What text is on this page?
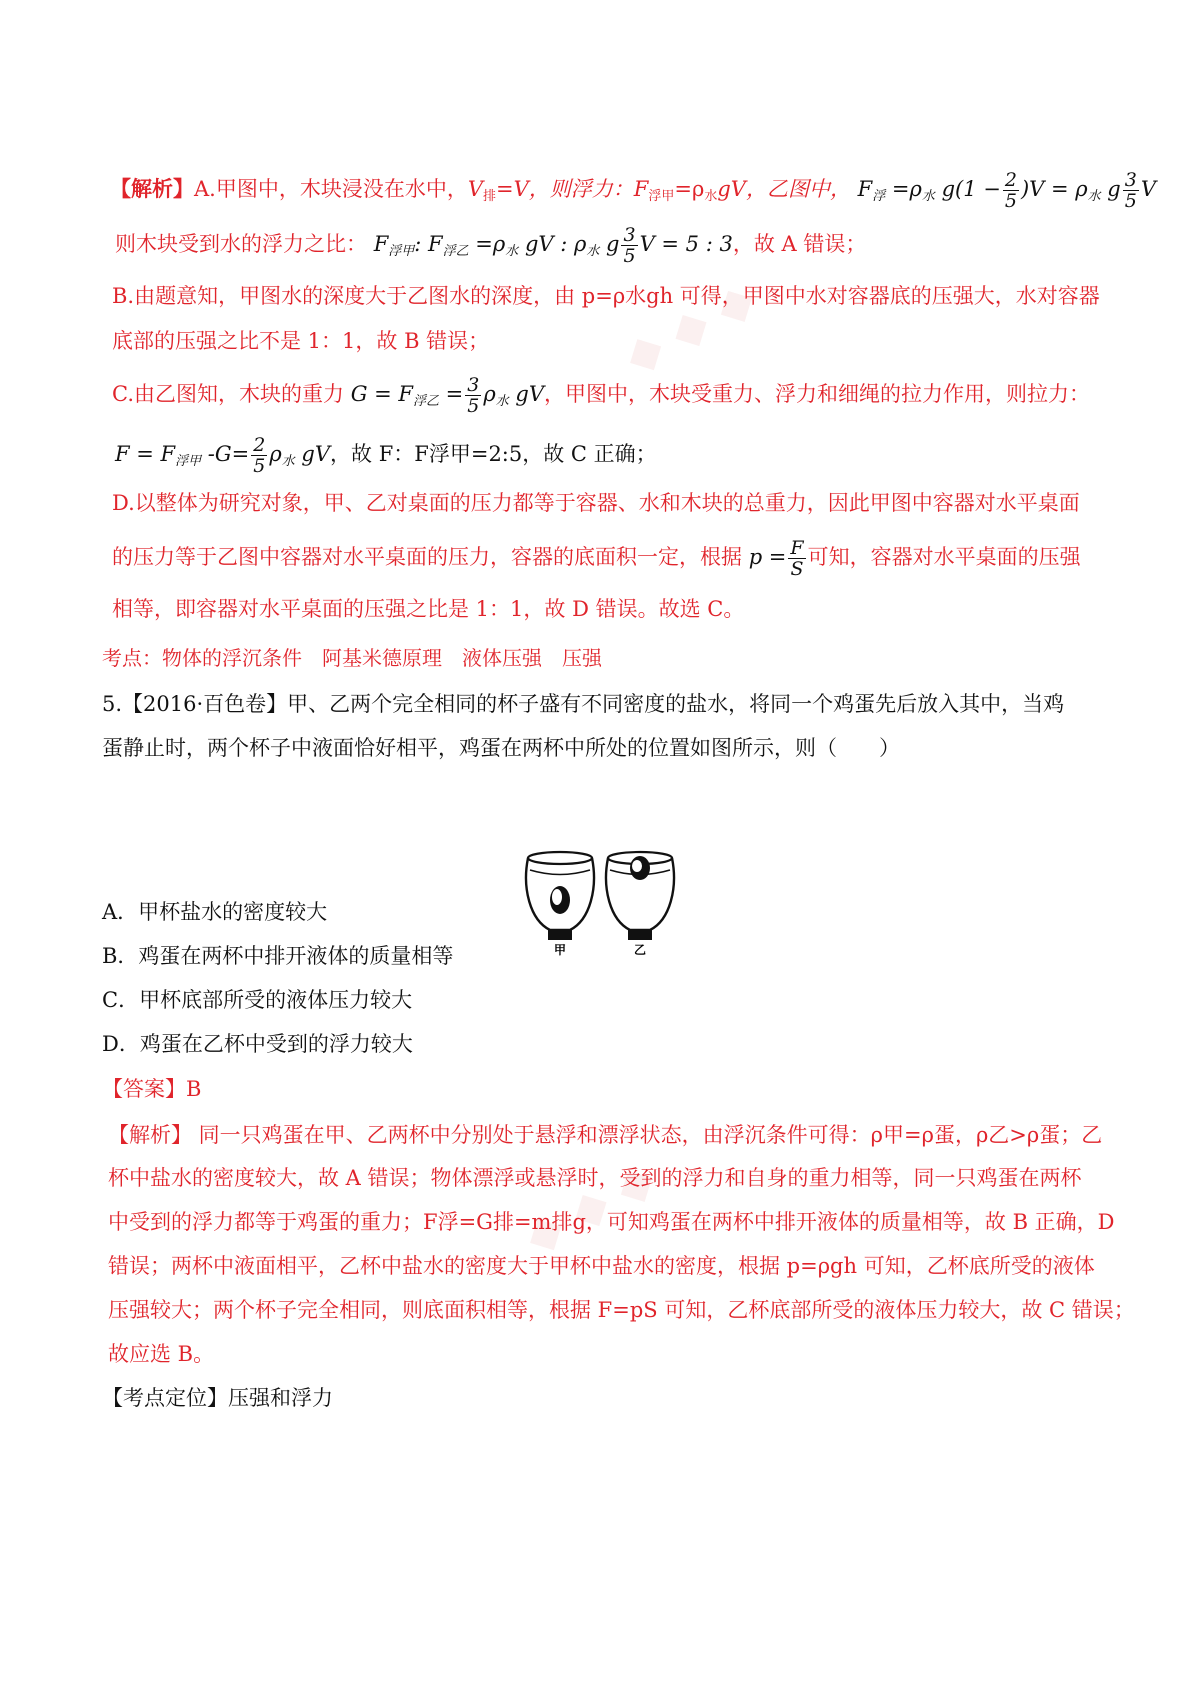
◆ ◆ ◆
◆ ◆ ◆
【解析】A.甲图中，木块浸没在水中，$V_排=V$，则浮力：$F_{浮甲}=\rho_水gV$，乙图中， $F_浮 =\rho_水$ $g(1 - \frac{2}{5} )V = \rho_水$ g $\frac{3}{5}$ V
则木块受到水的浮力之比： $F_{浮甲}$: $F_{浮乙} =\rho_水$ gV : $\rho_水$ g $\frac{3}{5}$ V = 5 : 3，故 A 错误；
B.由题意知，甲图水的深度大于乙图水的深度，由 p=ρ水gh 可得，甲图中水对容器底的压强大，水对容器
底部的压强之比不是 1：1，故 B 错误；
C.由乙图知，木块的重力 $G = F_{浮乙} = \frac{3}{5} \rho_水$ gV，甲图中，木块受重力、浮力和细绳的拉力作用，则拉力：
$F = F_{浮甲}$ $-G= \frac{2}{5} \rho_水$ gV，故 F：F浮甲=2:5，故 C 正确；
D.以整体为研究对象，甲、乙对桌面的压力都等于容器、水和木块的总重力，因此甲图中容器对水平桌面
的压力等于乙图中容器对水平桌面的压力，容器的底面积一定，根据 $p = \frac{F}{S}$ 可知，容器对水平桌面的压强
相等，即容器对水平桌面的压强之比是 1：1，故 D 错误。故选 C。
考点：物体的浮沉条件　阿基米德原理　液体压强　压强
5.【2016·百色卷】甲、乙两个完全相同的杯子盛有不同密度的盐水，将同一个鸡蛋先后放入其中，当鸡
蛋静止时，两个杯子中液面恰好相平，鸡蛋在两杯中所处的位置如图所示，则（　　）
甲	乙
A．甲杯盐水的密度较大
B．鸡蛋在两杯中排开液体的质量相等
C．甲杯底部所受的液体压力较大
D．鸡蛋在乙杯中受到的浮力较大
【答案】B
【解析】 同一只鸡蛋在甲、乙两杯中分别处于悬浮和漂浮状态，由浮沉条件可得：ρ甲=ρ蛋，ρ乙>ρ蛋；乙
杯中盐水的密度较大，故 A 错误；物体漂浮或悬浮时，受到的浮力和自身的重力相等，同一只鸡蛋在两杯
中受到的浮力都等于鸡蛋的重力；F浮=G排=m排g，可知鸡蛋在两杯中排开液体的质量相等，故 B 正确，D
错误；两杯中液面相平，乙杯中盐水的密度大于甲杯中盐水的密度，根据 p=ρgh 可知，乙杯底所受的液体
压强较大；两个杯子完全相同，则底面积相等，根据 F=pS 可知，乙杯底部所受的液体压力较大，故 C 错误；
故应选 B。
【考点定位】压强和浮力
